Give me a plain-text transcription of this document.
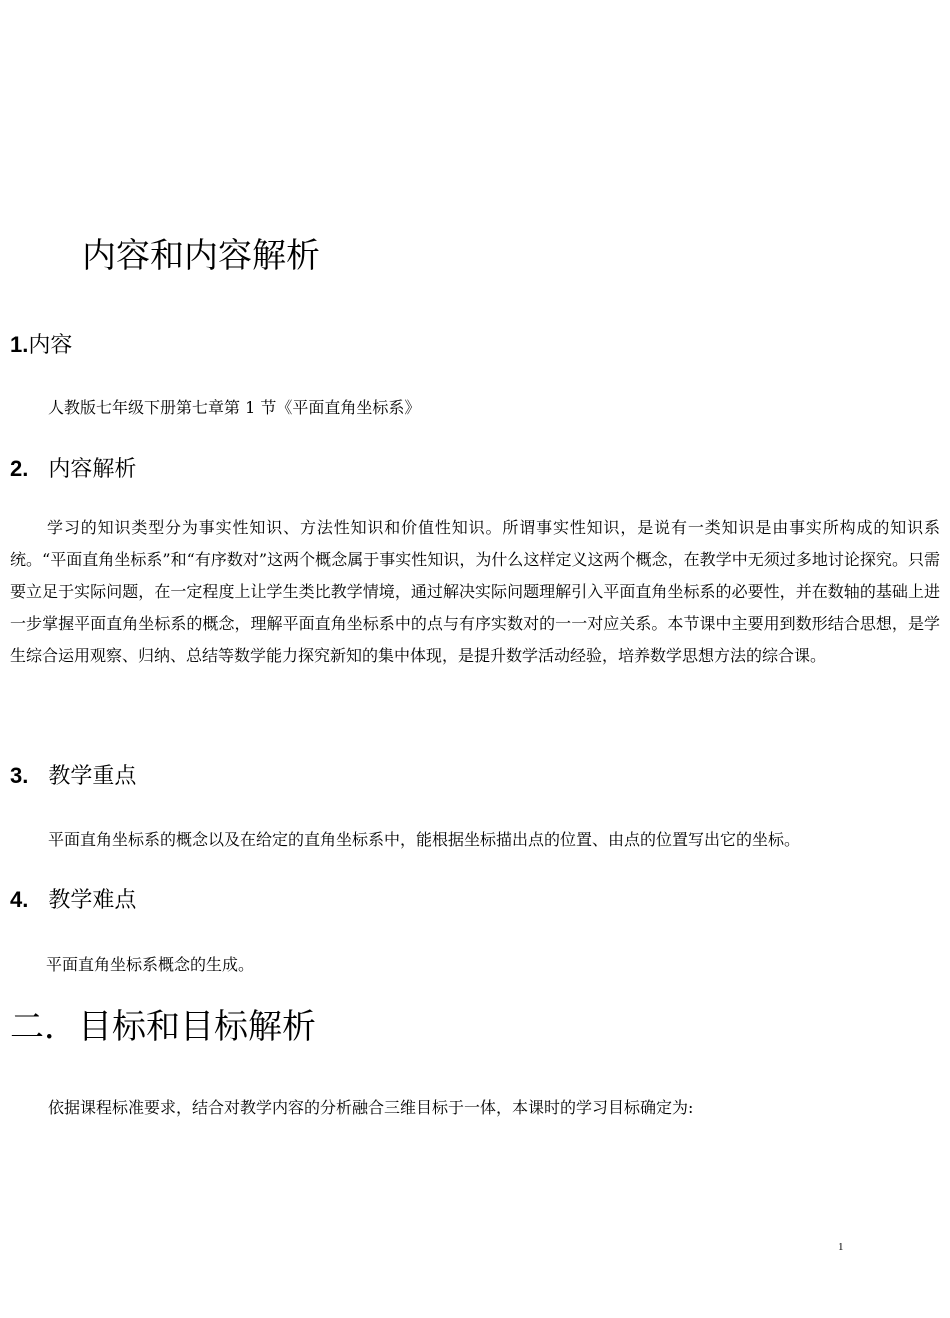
内容和内容解析
1.内容
人教版七年级下册第七章第 1 节《平面直角坐标系》
2. 内容解析
学习的知识类型分为事实性知识、方法性知识和价值性知识。所谓事实性知识，是说有一类知识是由事实所构成的知识系统。“平面直角坐标系”和“有序数对”这两个概念属于事实性知识，为什么这样定义这两个概念，在教学中无须过多地讨论探究。只需要立足于实际问题，在一定程度上让学生类比教学情境，通过解决实际问题理解引入平面直角坐标系的必要性，并在数轴的基础上进一步掌握平面直角坐标系的概念，理解平面直角坐标系中的点与有序实数对的一一对应关系。本节课中主要用到数形结合思想，是学生综合运用观察、归纳、总结等数学能力探究新知的集中体现，是提升数学活动经验，培养数学思想方法的综合课。
3. 教学重点
平面直角坐标系的概念以及在给定的直角坐标系中，能根据坐标描出点的位置、由点的位置写出它的坐标。
4. 教学难点
平面直角坐标系概念的生成。
二．目标和目标解析
依据课程标准要求，结合对教学内容的分析融合三维目标于一体，本课时的学习目标确定为:
1
